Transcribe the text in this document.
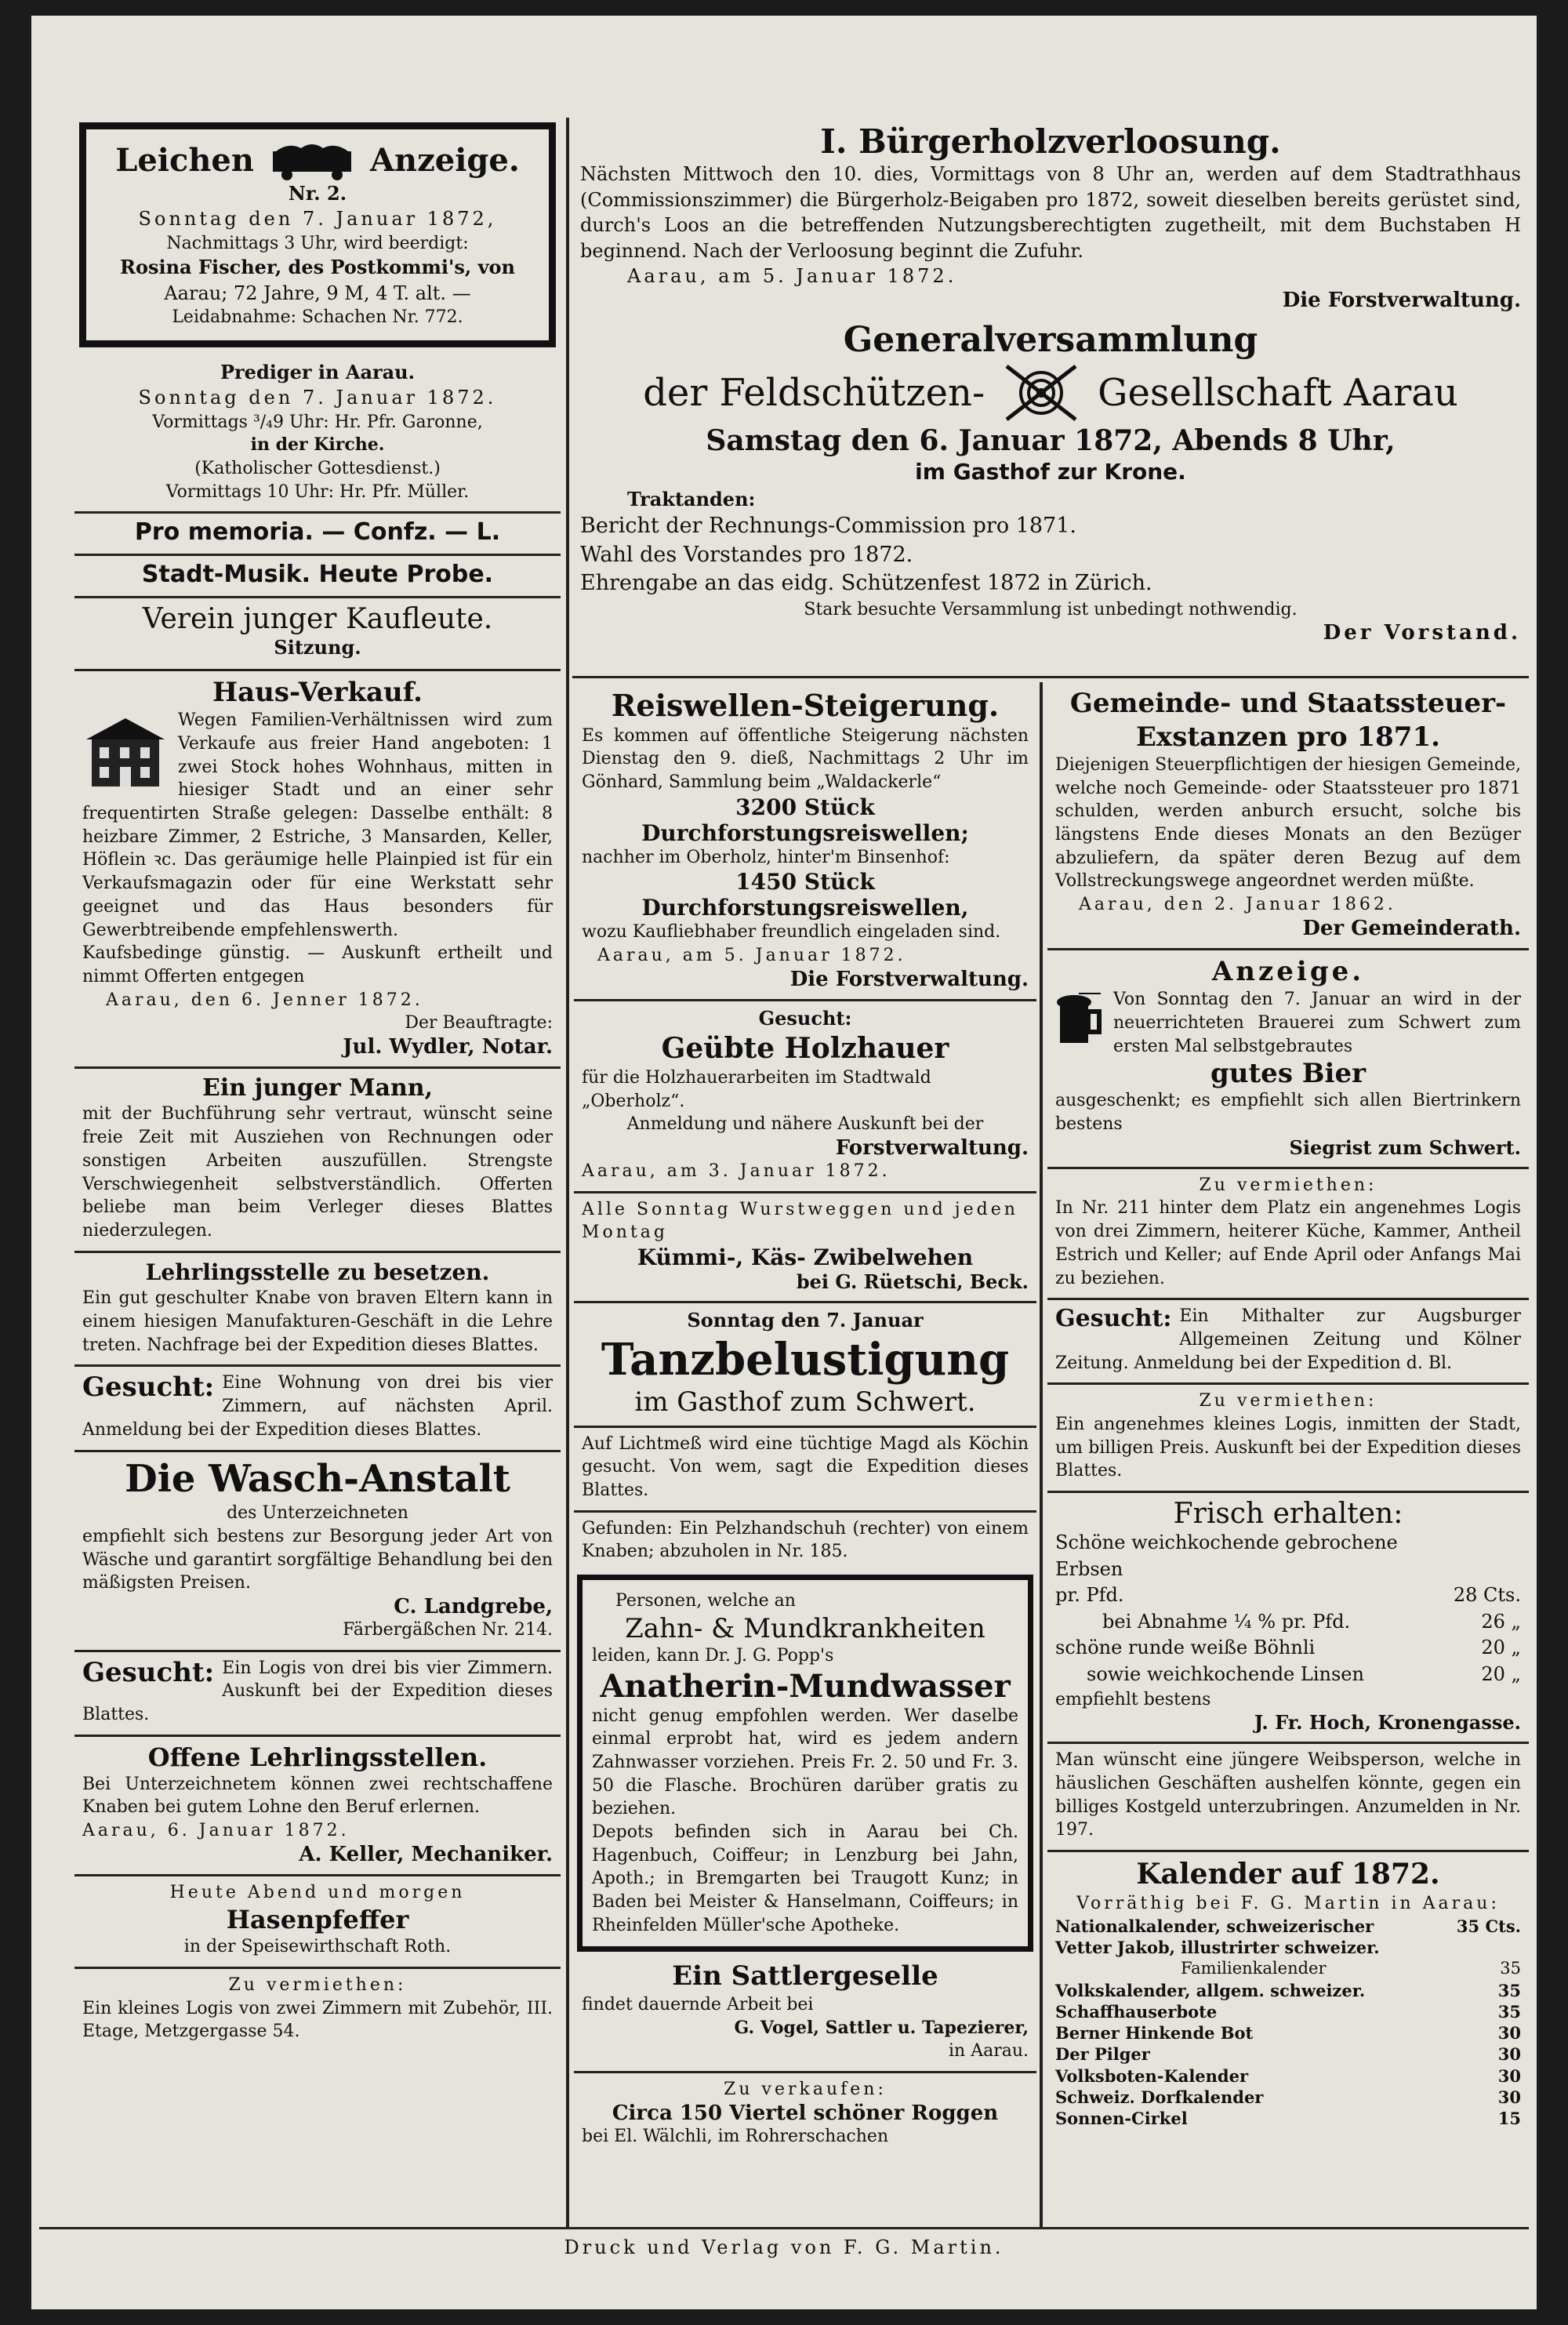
Leichen	Anzeige.
Nr. 2.
Sonntag den 7. Januar 1872,
Nachmittags 3 Uhr, wird beerdigt:
Rosina Fischer, des Postkommi's, von
Aarau; 72 Jahre, 9 M, 4 T. alt. —
Leidabnahme: Schachen Nr. 772.
Prediger in Aarau.
Sonntag den 7. Januar 1872.
Vormittags ³/₄9 Uhr: Hr. Pfr. Garonne,
in der Kirche.
(Katholischer Gottesdienst.)
Vormittags 10 Uhr: Hr. Pfr. Müller.
Pro memoria. — Confz. — L.
Stadt-Musik. Heute Probe.
Verein junger Kaufleute.
Sitzung.
Haus-Verkauf.
Wegen Familien-Verhältnissen wird zum Verkaufe aus freier Hand angeboten: 1 zwei Stock hohes Wohnhaus, mitten in hiesiger Stadt und an einer sehr frequentirten Straße gelegen: Dasselbe enthält: 8 heizbare Zimmer, 2 Estriche, 3 Mansarden, Keller, Höflein ꝛc. Das geräumige helle Plainpied ist für ein Verkaufsmagazin oder für eine Werkstatt sehr geeignet und das Haus besonders für Gewerbtreibende empfehlenswerth.
Kaufsbedinge günstig. — Auskunft ertheilt und nimmt Offerten entgegen
Aarau, den 6. Jenner 1872.
Der Beauftragte:
Jul. Wydler, Notar.
Ein junger Mann,
mit der Buchführung sehr vertraut, wünscht seine freie Zeit mit Ausziehen von Rechnungen oder sonstigen Arbeiten auszufüllen. Strengste Verschwiegenheit selbstverständlich. Offerten beliebe man beim Verleger dieses Blattes niederzulegen.
Lehrlingsstelle zu besetzen.
Ein gut geschulter Knabe von braven Eltern kann in einem hiesigen Manufakturen-Geschäft in die Lehre treten. Nachfrage bei der Expedition dieses Blattes.
Gesucht: Eine Wohnung von drei bis vier Zimmern, auf nächsten April. Anmeldung bei der Expedition dieses Blattes.
Die Wasch-Anstalt
des Unterzeichneten
empfiehlt sich bestens zur Besorgung jeder Art von Wäsche und garantirt sorgfältige Behandlung bei den mäßigsten Preisen.
C. Landgrebe,
Färbergäßchen Nr. 214.
Gesucht: Ein Logis von drei bis vier Zimmern. Auskunft bei der Expedition dieses Blattes.
Offene Lehrlingsstellen.
Bei Unterzeichnetem können zwei rechtschaffene Knaben bei gutem Lohne den Beruf erlernen.
Aarau, 6. Januar 1872.
A. Keller, Mechaniker.
Heute Abend und morgen
Hasenpfeffer
in der Speisewirthschaft Roth.
Zu vermiethen:
Ein kleines Logis von zwei Zimmern mit Zubehör, III. Etage, Metzgergasse 54.
I. Bürgerholzverloosung.
Nächsten Mittwoch den 10. dies, Vormittags von 8 Uhr an, werden auf dem Stadtrathhaus (Commissionszimmer) die Bürgerholz-Beigaben pro 1872, soweit dieselben bereits gerüstet sind, durch's Loos an die betreffenden Nutzungsberechtigten zugetheilt, mit dem Buchstaben H beginnend. Nach der Verloosung beginnt die Zufuhr.
Aarau, am 5. Januar 1872.
Die Forstverwaltung.
Generalversammlung
der Feldschützen-	Gesellschaft Aarau
Samstag den 6. Januar 1872, Abends 8 Uhr,
im Gasthof zur Krone.
Traktanden:
Bericht der Rechnungs-Commission pro 1871.
Wahl des Vorstandes pro 1872.
Ehrengabe an das eidg. Schützenfest 1872 in Zürich.
Stark besuchte Versammlung ist unbedingt nothwendig.
Der Vorstand.
Reiswellen-Steigerung.
Es kommen auf öffentliche Steigerung nächsten Dienstag den 9. dieß, Nachmittags 2 Uhr im Gönhard, Sammlung beim „Waldackerle“
3200 Stück Durchforstungsreiswellen;
nachher im Oberholz, hinter'm Binsenhof:
1450 Stück Durchforstungsreiswellen,
wozu Kaufliebhaber freundlich eingeladen sind.
Aarau, am 5. Januar 1872.
Die Forstverwaltung.
Gesucht:
Geübte Holzhauer
für die Holzhauerarbeiten im Stadtwald „Oberholz“.
Anmeldung und nähere Auskunft bei der
Forstverwaltung.
Aarau, am 3. Januar 1872.
Alle Sonntag Wurstweggen und jeden Montag
Kümmi-, Käs- Zwibelwehen
bei G. Rüetschi, Beck.
Sonntag den 7. Januar
Tanzbelustigung
im Gasthof zum Schwert.
Auf Lichtmeß wird eine tüchtige Magd als Köchin gesucht. Von wem, sagt die Expedition dieses Blattes.
Gefunden: Ein Pelzhandschuh (rechter) von einem Knaben; abzuholen in Nr. 185.
Personen, welche an
Zahn- & Mundkrankheiten
leiden, kann Dr. J. G. Popp's
Anatherin-Mundwasser
nicht genug empfohlen werden. Wer daselbe einmal erprobt hat, wird es jedem andern Zahnwasser vorziehen. Preis Fr. 2. 50 und Fr. 3. 50 die Flasche. Brochüren darüber gratis zu beziehen.
Depots befinden sich in Aarau bei Ch. Hagenbuch, Coiffeur; in Lenzburg bei Jahn, Apoth.; in Bremgarten bei Traugott Kunz; in Baden bei Meister & Hanselmann, Coiffeurs; in Rheinfelden Müller'sche Apotheke.
Ein Sattlergeselle
findet dauernde Arbeit bei
G. Vogel, Sattler u. Tapezierer,
in Aarau.
Zu verkaufen:
Circa 150 Viertel schöner Roggen
bei El. Wälchli, im Rohrerschachen
Gemeinde- und Staatssteuer-Exstanzen pro 1871.
Diejenigen Steuerpflichtigen der hiesigen Gemeinde, welche noch Gemeinde- oder Staatssteuer pro 1871 schulden, werden anburch ersucht, solche bis längstens Ende dieses Monats an den Bezüger abzuliefern, da später deren Bezug auf dem Vollstreckungswege angeordnet werden müßte.
Aarau, den 2. Januar 1862.
Der Gemeinderath.
Anzeige.
Von Sonntag den 7. Januar an wird in der neuerrichteten Brauerei zum Schwert zum ersten Mal selbstgebrautes
gutes Bier
ausgeschenkt; es empfiehlt sich allen Biertrinkern bestens
Siegrist zum Schwert.
Zu vermiethen:
In Nr. 211 hinter dem Platz ein angenehmes Logis von drei Zimmern, heiterer Küche, Kammer, Antheil Estrich und Keller; auf Ende April oder Anfangs Mai zu beziehen.
Gesucht: Ein Mithalter zur Augsburger Allgemeinen Zeitung und Kölner Zeitung. Anmeldung bei der Expedition d. Bl.
Zu vermiethen:
Ein angenehmes kleines Logis, inmitten der Stadt, um billigen Preis. Auskunft bei der Expedition dieses Blattes.
Frisch erhalten:
Schöne weichkochende gebrochene Erbsen
pr. Pfd.	28 Cts.
bei Abnahme ¼ % pr. Pfd.	26 „
schöne runde weiße Böhnli	20 „
sowie weichkochende Linsen	20 „
empfiehlt bestens
J. Fr. Hoch, Kronengasse.
Man wünscht eine jüngere Weibsperson, welche in häuslichen Geschäften aushelfen könnte, gegen ein billiges Kostgeld unterzubringen. Anzumelden in Nr. 197.
Kalender auf 1872.
Vorräthig bei F. G. Martin in Aarau:
Nationalkalender, schweizerischer	35 Cts.
Vetter Jakob, illustrirter schweizer.
Familienkalender	35
Volkskalender, allgem. schweizer.	35
Schaffhauserbote	35
Berner Hinkende Bot	30
Der Pilger	30
Volksboten-Kalender	30
Schweiz. Dorfkalender	30
Sonnen-Cirkel	15
Druck und Verlag von F. G. Martin.
